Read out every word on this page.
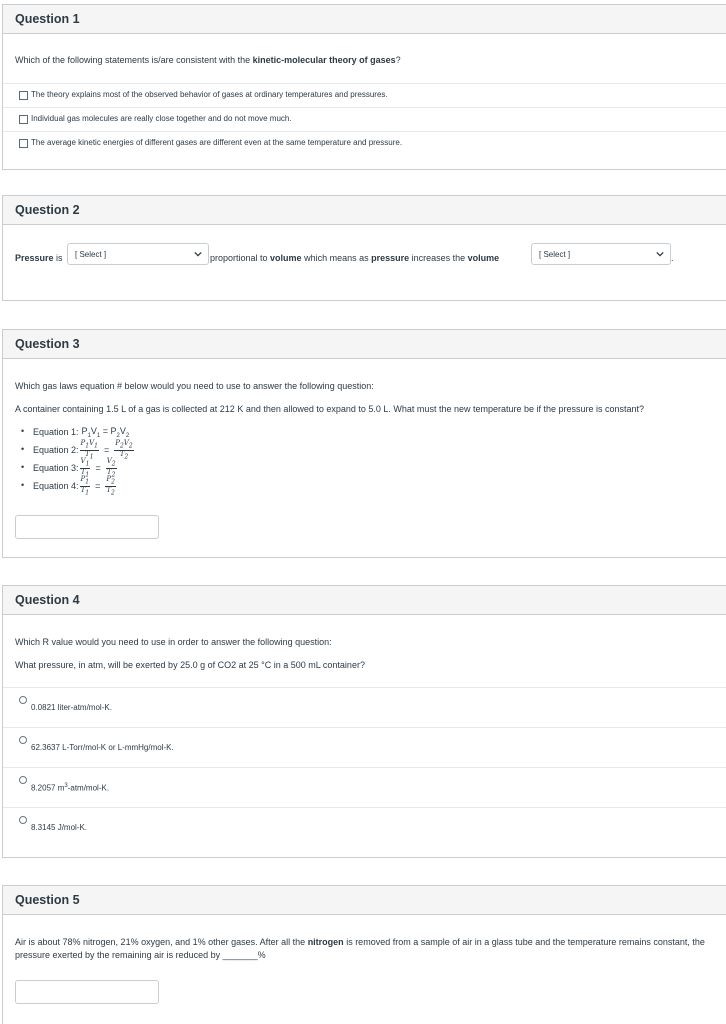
Question 1
Which of the following statements is/are consistent with the kinetic-molecular theory of gases?
The theory explains most of the observed behavior of gases at ordinary temperatures and pressures.
Individual gas molecules are really close together and do not move much.
The average kinetic energies of different gases are different even at the same temperature and pressure.
Question 2
Pressure is [ Select ]	proportional to volume which means as pressure increases the volume	[ Select ]	.
Question 3
Which gas laws equation # below would you need to use to answer the following question:
A container containing 1.5 L of a gas is collected at 212 K and then allowed to expand to 5.0 L. What must the new temperature be if the pressure is constant?
• Equation 1: $P_1V_1 = P_2V_2$
• Equation 2: $\frac{P_1V_1}{T_1} = \frac{P_2V_2}{T_2}$
• Equation 3: $\frac{V_1}{T_1} = \frac{V_2}{T_2}$
• Equation 4: $\frac{P_1}{T_1} = \frac{P_2}{T_2}$
Question 4
Which R value would you need to use in order to answer the following question:
What pressure, in atm, will be exerted by 25.0 g of CO2 at 25 °C in a 500 mL container?
0.0821 liter-atm/mol-K.
62.3637 L-Torr/mol-K or L-mmHg/mol-K.
8.2057 $m^3-atm/mol-K$.
8.3145 J/mol-K.
Question 5
Air is about 78% nitrogen, 21% oxygen, and 1% other gases. After all the nitrogen is removed from a sample of air in a glass tube and the temperature remains constant, the pressure exerted by the remaining air is reduced by _______%
